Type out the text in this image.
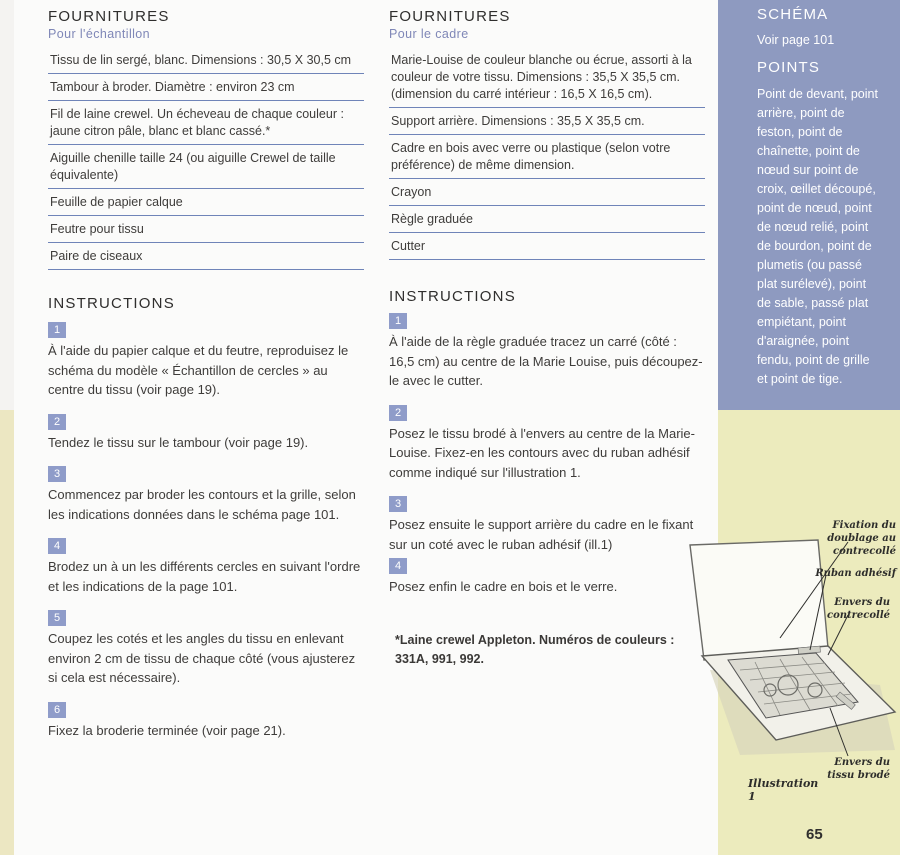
FOURNITURES
Pour l'échantillon
Tissu de lin sergé, blanc. Dimensions : 30,5 X 30,5 cm
Tambour à broder. Diamètre : environ 23 cm
Fil de laine crewel. Un écheveau de chaque couleur : jaune citron pâle, blanc et blanc cassé.*
Aiguille chenille taille 24 (ou aiguille Crewel de taille équivalente)
Feuille de papier calque
Feutre pour tissu
Paire de ciseaux
INSTRUCTIONS
1
À l'aide du papier calque et du feutre, reproduisez le schéma du modèle « Échantillon de cercles » au centre du tissu (voir page 19).
2
Tendez le tissu sur le tambour (voir page 19).
3
Commencez par broder les contours et la grille, selon les indications données dans le schéma page 101.
4
Brodez un à un les différents cercles en suivant l'ordre et les indications de la page 101.
5
Coupez les cotés et les angles du tissu en enlevant environ 2 cm de tissu de chaque côté (vous ajusterez si cela est nécessaire).
6
Fixez la broderie terminée (voir page 21).
FOURNITURES
Pour le cadre
Marie-Louise de couleur blanche ou écrue, assorti à la couleur de votre tissu. Dimensions : 35,5 X 35,5 cm. (dimension du carré intérieur : 16,5 X 16,5 cm).
Support arrière. Dimensions : 35,5 X 35,5 cm.
Cadre en bois avec verre ou plastique (selon votre préférence) de même dimension.
Crayon
Règle graduée
Cutter
INSTRUCTIONS
1
À l'aide de la règle graduée tracez un carré (côté : 16,5 cm) au centre de la Marie Louise, puis découpez-le avec le cutter.
2
Posez le tissu brodé à l'envers au centre de la Marie-Louise. Fixez-en les contours avec du ruban adhésif comme indiqué sur l'illustration 1.
3
Posez ensuite le support arrière du cadre en le fixant sur un coté avec le ruban adhésif (ill.1)
4
Posez enfin le cadre en bois et le verre.
*Laine crewel Appleton. Numéros de couleurs : 331A, 991, 992.
SCHÉMA
Voir page 101
POINTS
Point de devant, point arrière, point de feston, point de chaînette, point de nœud sur point de croix, œillet découpé, point de nœud, point de nœud relié, point de bourdon, point de plumetis (ou passé plat surélevé), point de sable, passé plat empiétant, point d'araignée, point fendu, point de grille et point de tige.
Fixation du doublage au contrecollé
Ruban adhésif
Envers du contrecollé
Envers du tissu brodé
Illustration 1
65
